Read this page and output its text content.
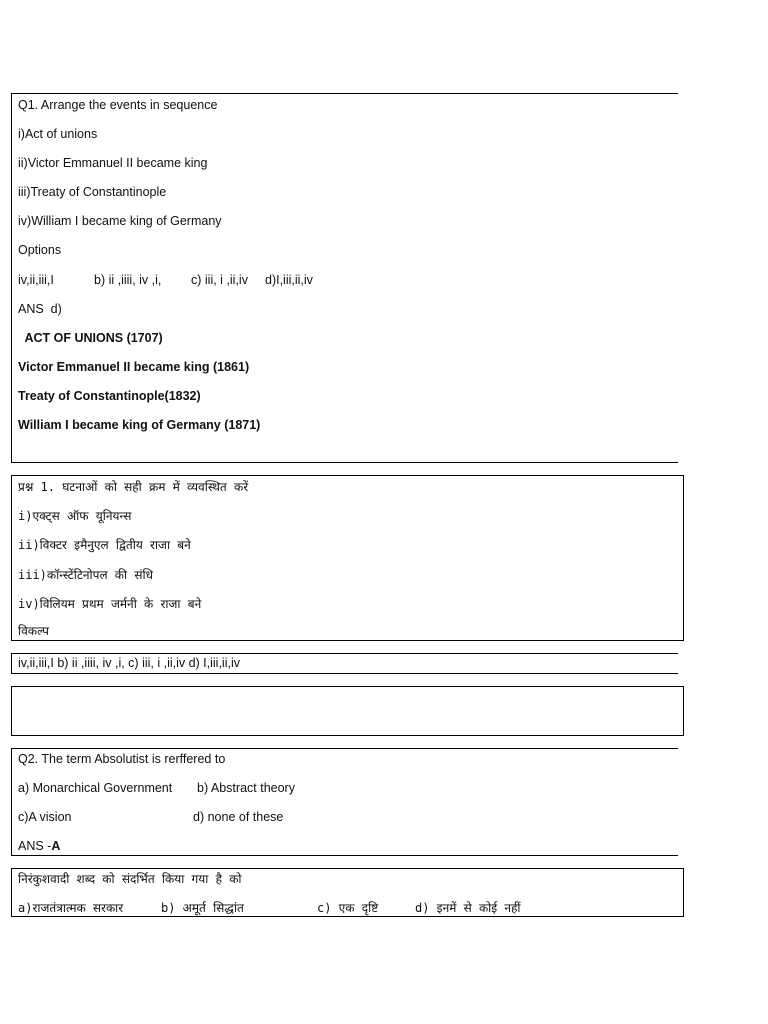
Q1. Arrange the events in sequence
i)Act of unions
ii)Victor Emmanuel II became king
iii)Treaty of Constantinople
iv)William I became king of Germany
Options
iv,ii,iii,I	b) ii ,iiii, iv ,i, c) iii, i ,ii,iv d)I,iii,ii,iv
ANS  d)
ACT OF UNIONS (1707)
Victor Emmanuel II became king (1861)
Treaty of Constantinople(1832)
William I became king of Germany (1871)
प्रश्न 1. घटनाओं को सही क्रम में व्यवस्थित करें
i)एक्ट्स ऑफ यूनियन्स
ii)विक्टर इमैनुएल द्वितीय राजा बने
iii)कॉन्स्टेंटिनोपल की संधि
iv)विलियम प्रथम जर्मनी के राजा बने
विकल्प
iv,ii,iii,I b) ii ,iiii, iv ,i, c) iii, i ,ii,iv d) I,iii,ii,iv
Q2. The term Absolutist is rerffered to
a) Monarchical Government b) Abstract theory
c)A vision	d) none of these
ANS -A
निरंकुशवादी शब्द को संदर्भित किया गया है को
a)राजतंत्रात्मक सरकार	b) अमूर्त सिद्धांत	c) एक दृष्टि	d) इनमें से कोई नहीं
